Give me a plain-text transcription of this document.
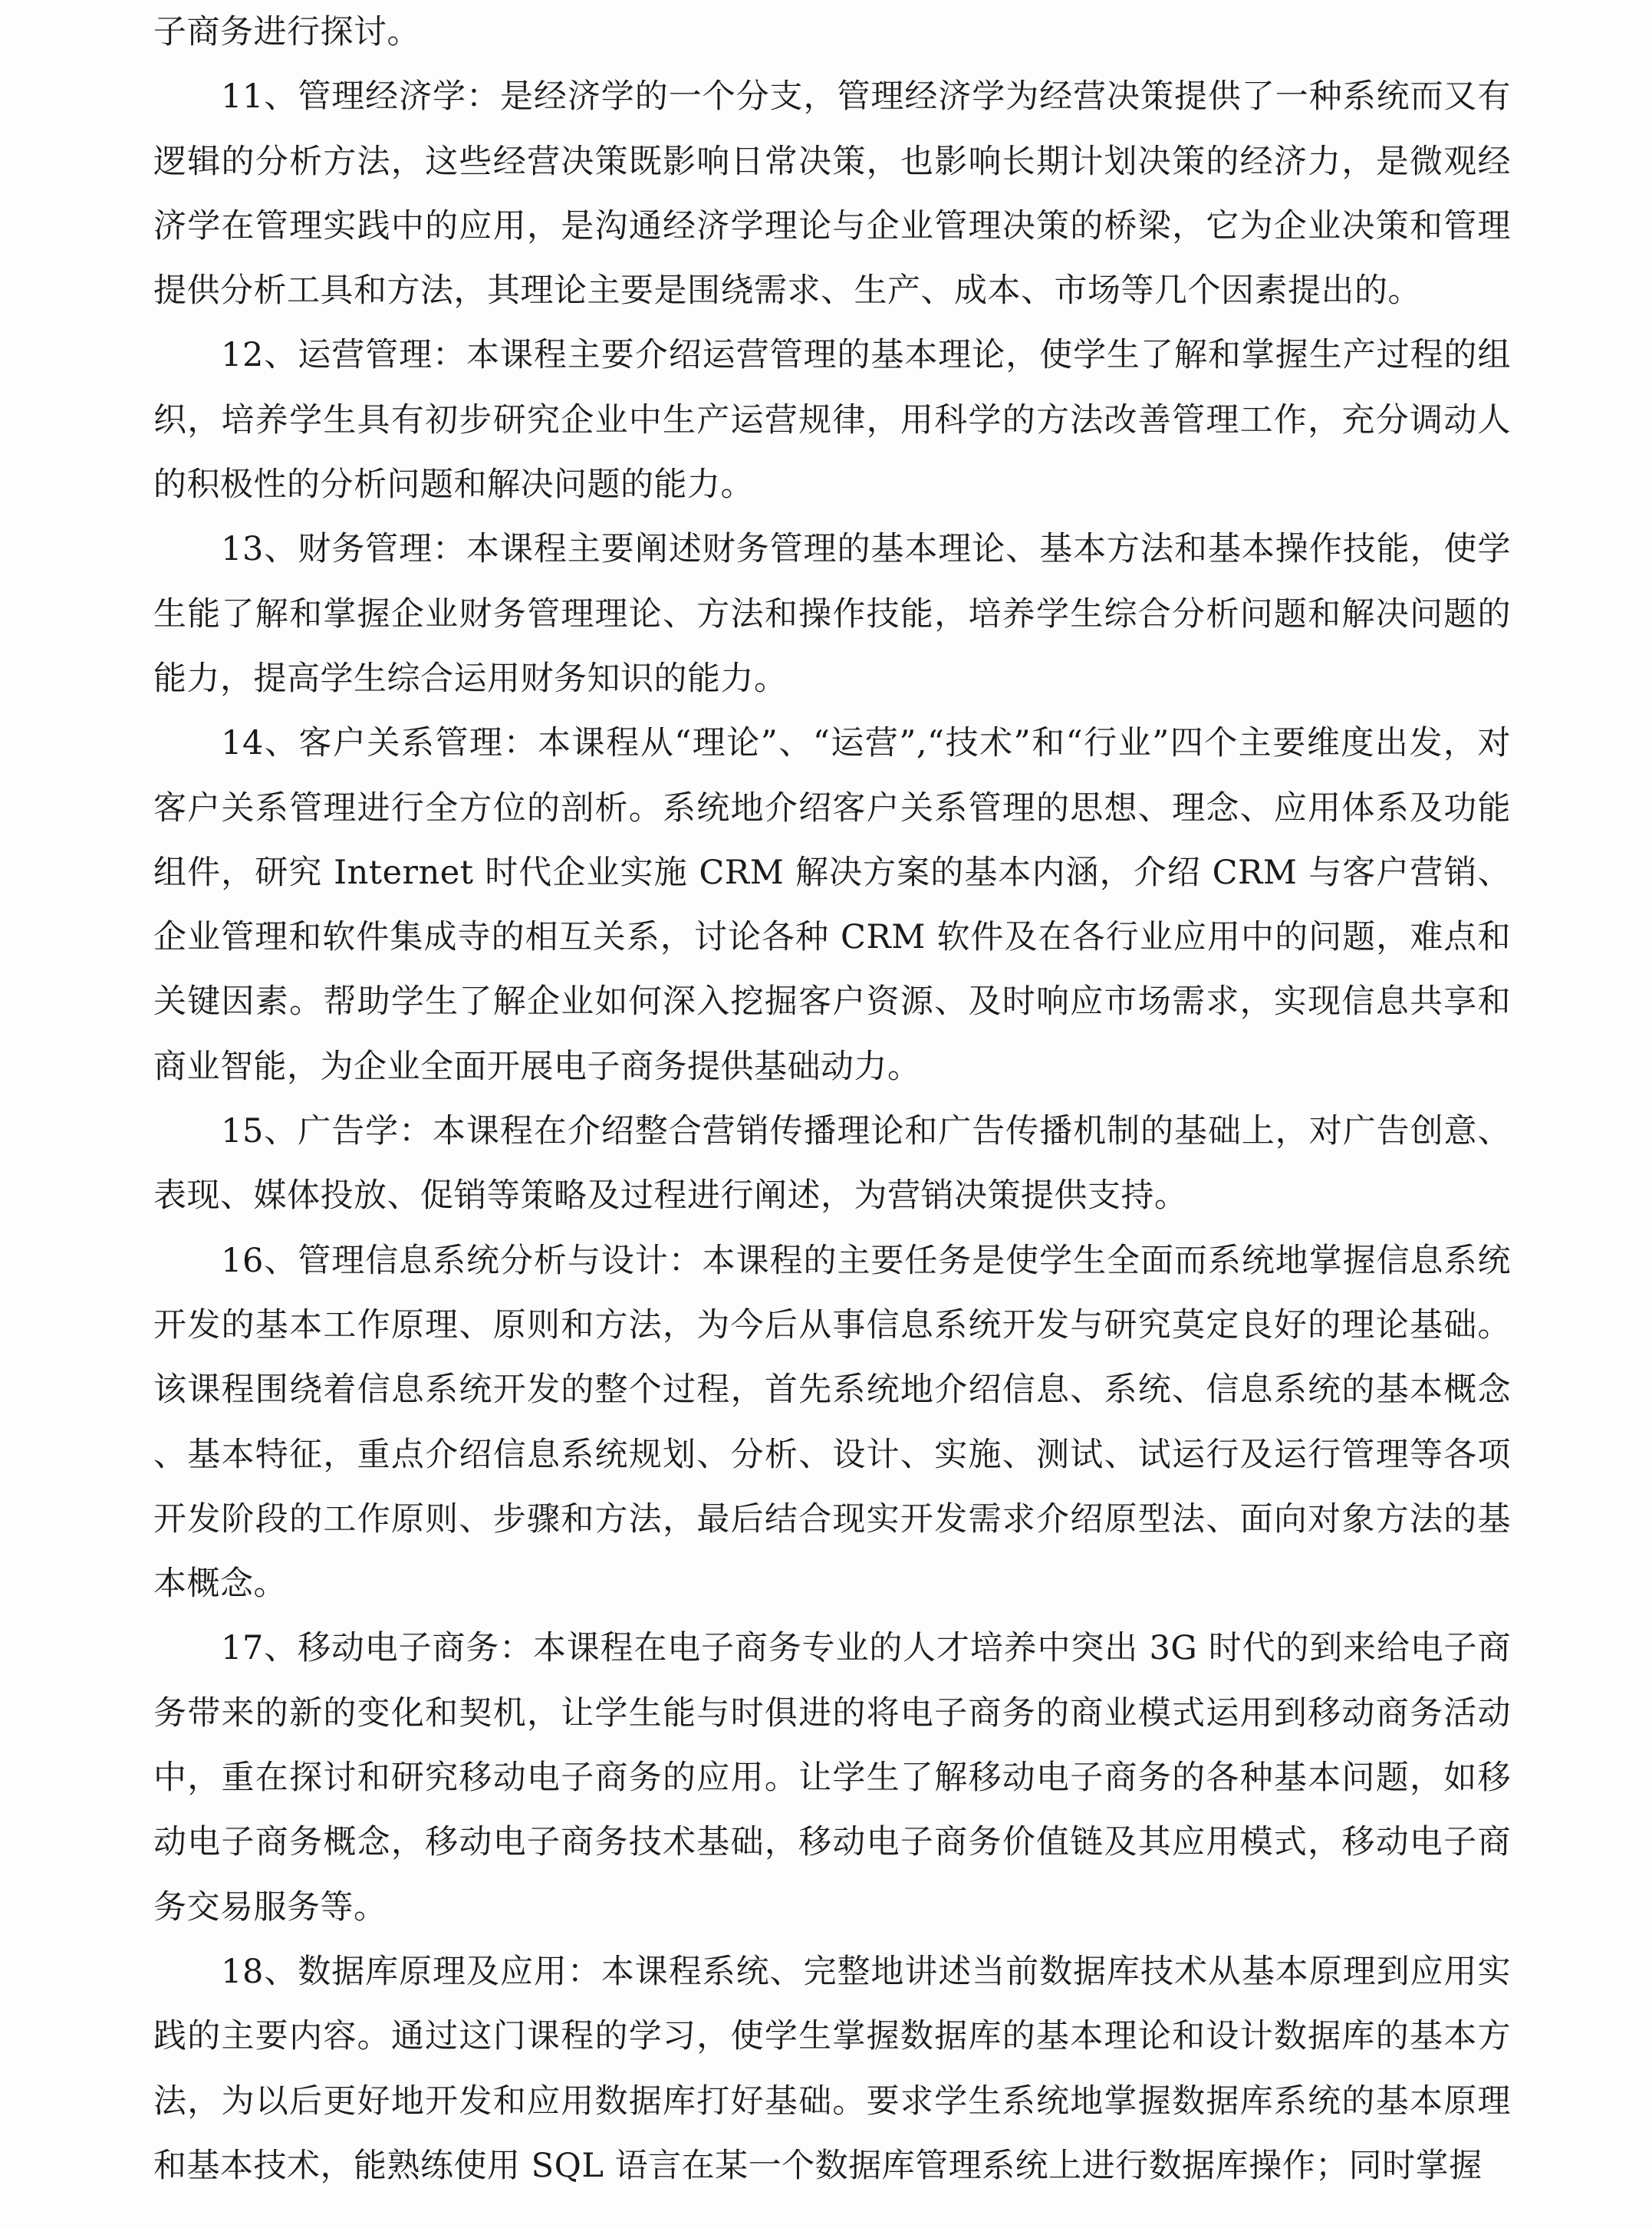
子商务进行探讨。

11、管理经济学：是经济学的一个分支，管理经济学为经营决策提供了一种系统而又有逻辑的分析方法，这些经营决策既影响日常决策，也影响长期计划决策的经济力，是微观经济学在管理实践中的应用，是沟通经济学理论与企业管理决策的桥梁，它为企业决策和管理提供分析工具和方法，其理论主要是围绕需求、生产、成本、市场等几个因素提出的。

12、运营管理：本课程主要介绍运营管理的基本理论，使学生了解和掌握生产过程的组织，培养学生具有初步研究企业中生产运营规律，用科学的方法改善管理工作，充分调动人的积极性的分析问题和解决问题的能力。

13、财务管理：本课程主要阐述财务管理的基本理论、基本方法和基本操作技能，使学生能了解和掌握企业财务管理理论、方法和操作技能，培养学生综合分析问题和解决问题的能力，提高学生综合运用财务知识的能力。

14、客户关系管理：本课程从“理论”、“运营”,“技术”和“行业”四个主要维度出发，对客户关系管理进行全方位的剖析。系统地介绍客户关系管理的思想、理念、应用体系及功能组件，研究 Internet 时代企业实施 CRM 解决方案的基本内涵，介绍 CRM 与客户营销、企业管理和软件集成寺的相互关系，讨论各种 CRM 软件及在各行业应用中的问题，难点和关键因素。帮助学生了解企业如何深入挖掘客户资源、及时响应市场需求，实现信息共享和商业智能，为企业全面开展电子商务提供基础动力。

15、广告学：本课程在介绍整合营销传播理论和广告传播机制的基础上，对广告创意、表现、媒体投放、促销等策略及过程进行阐述，为营销决策提供支持。

16、管理信息系统分析与设计：本课程的主要任务是使学生全面而系统地掌握信息系统开发的基本工作原理、原则和方法，为今后从事信息系统开发与研究莫定良好的理论基础。该课程围绕着信息系统开发的整个过程，首先系统地介绍信息、系统、信息系统的基本概念、基本特征，重点介绍信息系统规划、分析、设计、实施、测试、试运行及运行管理等各项开发阶段的工作原则、步骤和方法，最后结合现实开发需求介绍原型法、面向对象方法的基本概念。

17、移动电子商务：本课程在电子商务专业的人才培养中突出 3G 时代的到来给电子商务带来的新的变化和契机，让学生能与时俱进的将电子商务的商业模式运用到移动商务活动中，重在探讨和研究移动电子商务的应用。让学生了解移动电子商务的各种基本问题，如移动电子商务概念，移动电子商务技术基础，移动电子商务价值链及其应用模式，移动电子商务交易服务等。

18、数据库原理及应用：本课程系统、完整地讲述当前数据库技术从基本原理到应用实践的主要内容。通过这门课程的学习，使学生掌握数据库的基本理论和设计数据库的基本方法，为以后更好地开发和应用数据库打好基础。要求学生系统地掌握数据库系统的基本原理和基本技术，能熟练使用 SQL 语言在某一个数据库管理系统上进行数据库操作；同时掌握
